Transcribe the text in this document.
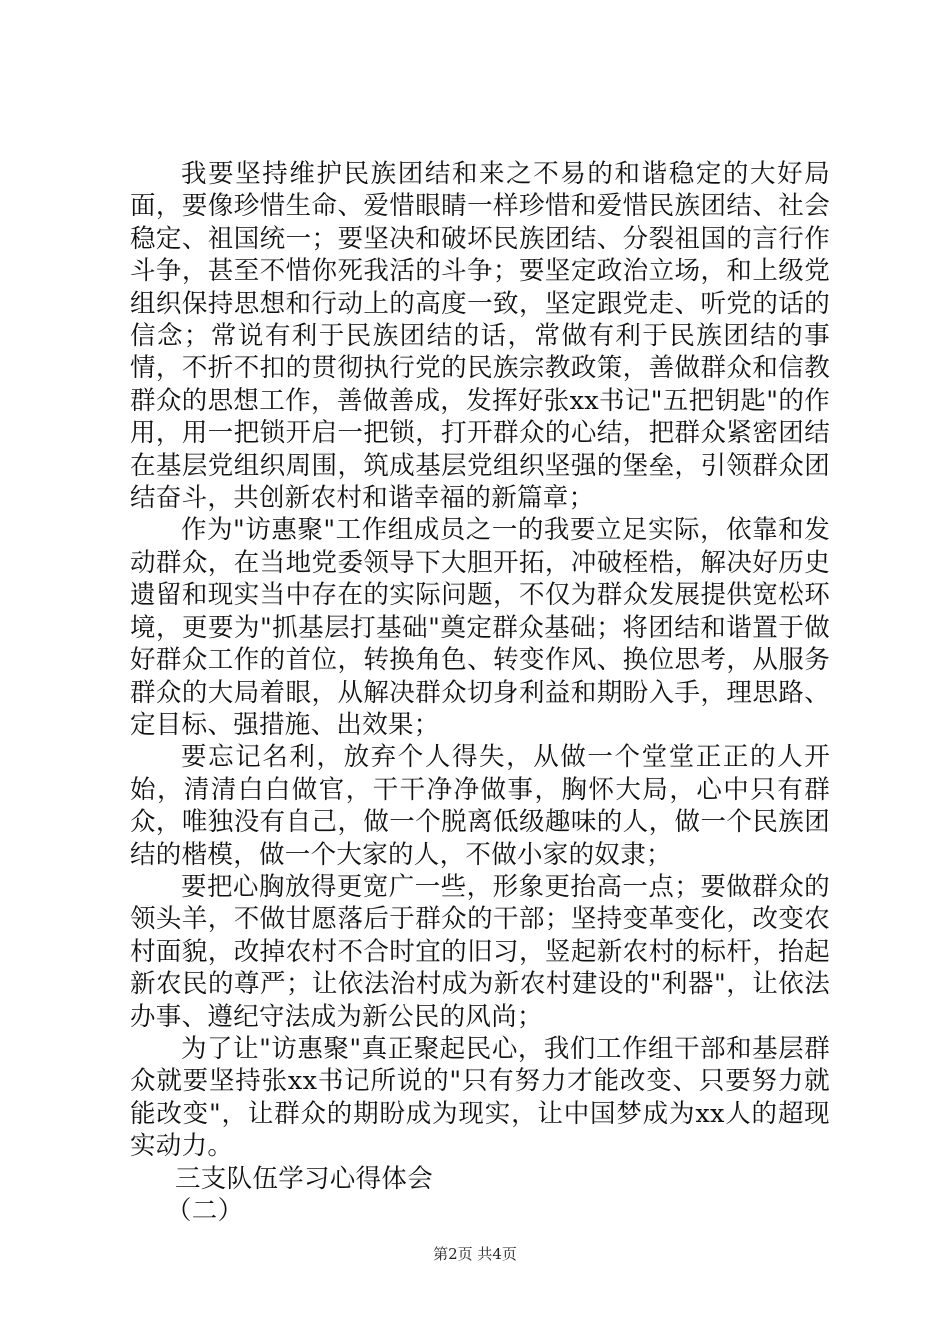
我要坚持维护民族团结和来之不易的和谐稳定的大好局面，要像珍惜生命、爱惜眼睛一样珍惜和爱惜民族团结、社会稳定、祖国统一；要坚决和破坏民族团结、分裂祖国的言行作斗争，甚至不惜你死我活的斗争；要坚定政治立场，和上级党组织保持思想和行动上的高度一致，坚定跟党走、听党的话的信念；常说有利于民族团结的话，常做有利于民族团结的事情，不折不扣的贯彻执行党的民族宗教政策，善做群众和信教群众的思想工作，善做善成，发挥好张xx书记"五把钥匙"的作用，用一把锁开启一把锁，打开群众的心结，把群众紧密团结在基层党组织周围，筑成基层党组织坚强的堡垒，引领群众团结奋斗，共创新农村和谐幸福的新篇章；

作为"访惠聚"工作组成员之一的我要立足实际，依靠和发动群众，在当地党委领导下大胆开拓，冲破桎梏，解决好历史遗留和现实当中存在的实际问题，不仅为群众发展提供宽松环境，更要为"抓基层打基础"奠定群众基础；将团结和谐置于做好群众工作的首位，转换角色、转变作风、换位思考，从服务群众的大局着眼，从解决群众切身利益和期盼入手，理思路、定目标、强措施、出效果；

要忘记名利，放弃个人得失，从做一个堂堂正正的人开始，清清白白做官，干干净净做事，胸怀大局，心中只有群众，唯独没有自己，做一个脱离低级趣味的人，做一个民族团结的楷模，做一个大家的人，不做小家的奴隶；

要把心胸放得更宽广一些，形象更抬高一点；要做群众的领头羊，不做甘愿落后于群众的干部；坚持变革变化，改变农村面貌，改掉农村不合时宜的旧习，竖起新农村的标杆，抬起新农民的尊严；让依法治村成为新农村建设的"利器"，让依法办事、遵纪守法成为新公民的风尚；

为了让"访惠聚"真正聚起民心，我们工作组干部和基层群众就要坚持张xx书记所说的"只有努力才能改变、只要努力就能改变"，让群众的期盼成为现实，让中国梦成为xx人的超现实动力。

三支队伍学习心得体会

（二）

第2页 共4页
